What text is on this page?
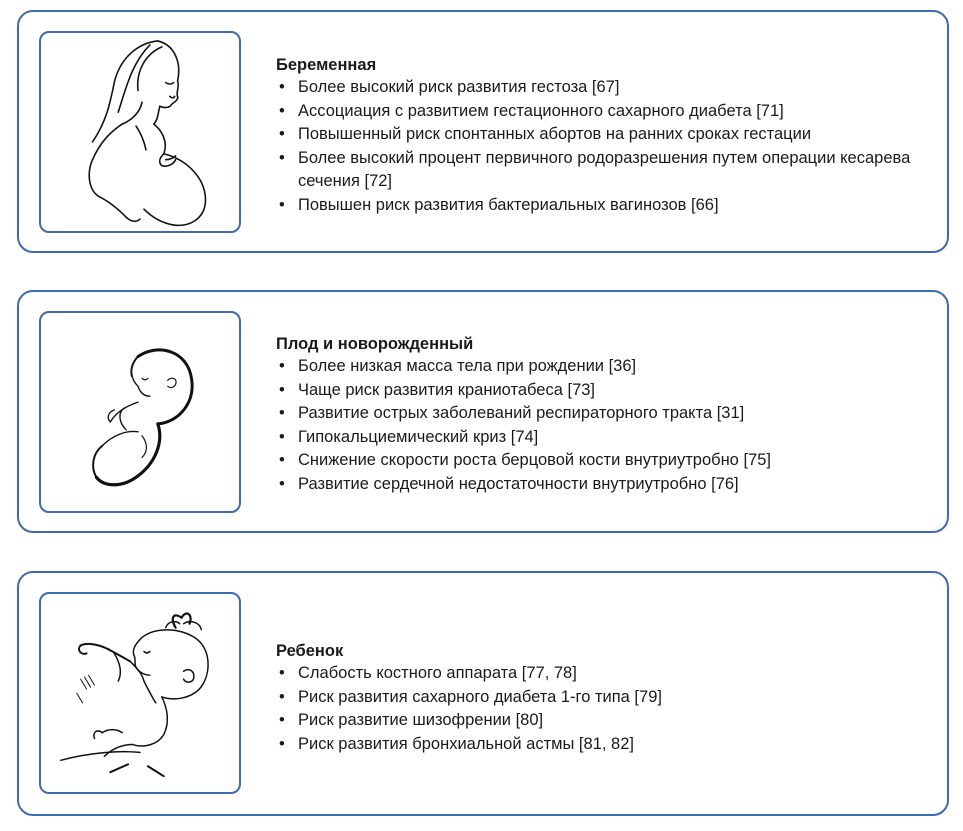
Беременная

• Более высокий риск развития гестоза [67]
• Ассоциация с развитием гестационного сахарного диабета [71]
• Повышенный риск спонтанных абортов на ранних сроках гестации
• Более высокий процент первичного родоразрешения путем операции кесарева сечения [72]
• Повышен риск развития бактериальных вагинозов [66]

Плод и новорожденный

• Более низкая масса тела при рождении [36]
• Чаще риск развития краниотабеса [73]
• Развитие острых заболеваний респираторного тракта [31]
• Гипокальциемический криз [74]
• Снижение скорости роста берцовой кости внутриутробно [75]
• Развитие сердечной недостаточности внутриутробно [76]

Ребенок

• Слабость костного аппарата [77, 78]
• Риск развития сахарного диабета 1-го типа [79]
• Риск развитие шизофрении [80]
• Риск развития бронхиальной астмы [81, 82]
